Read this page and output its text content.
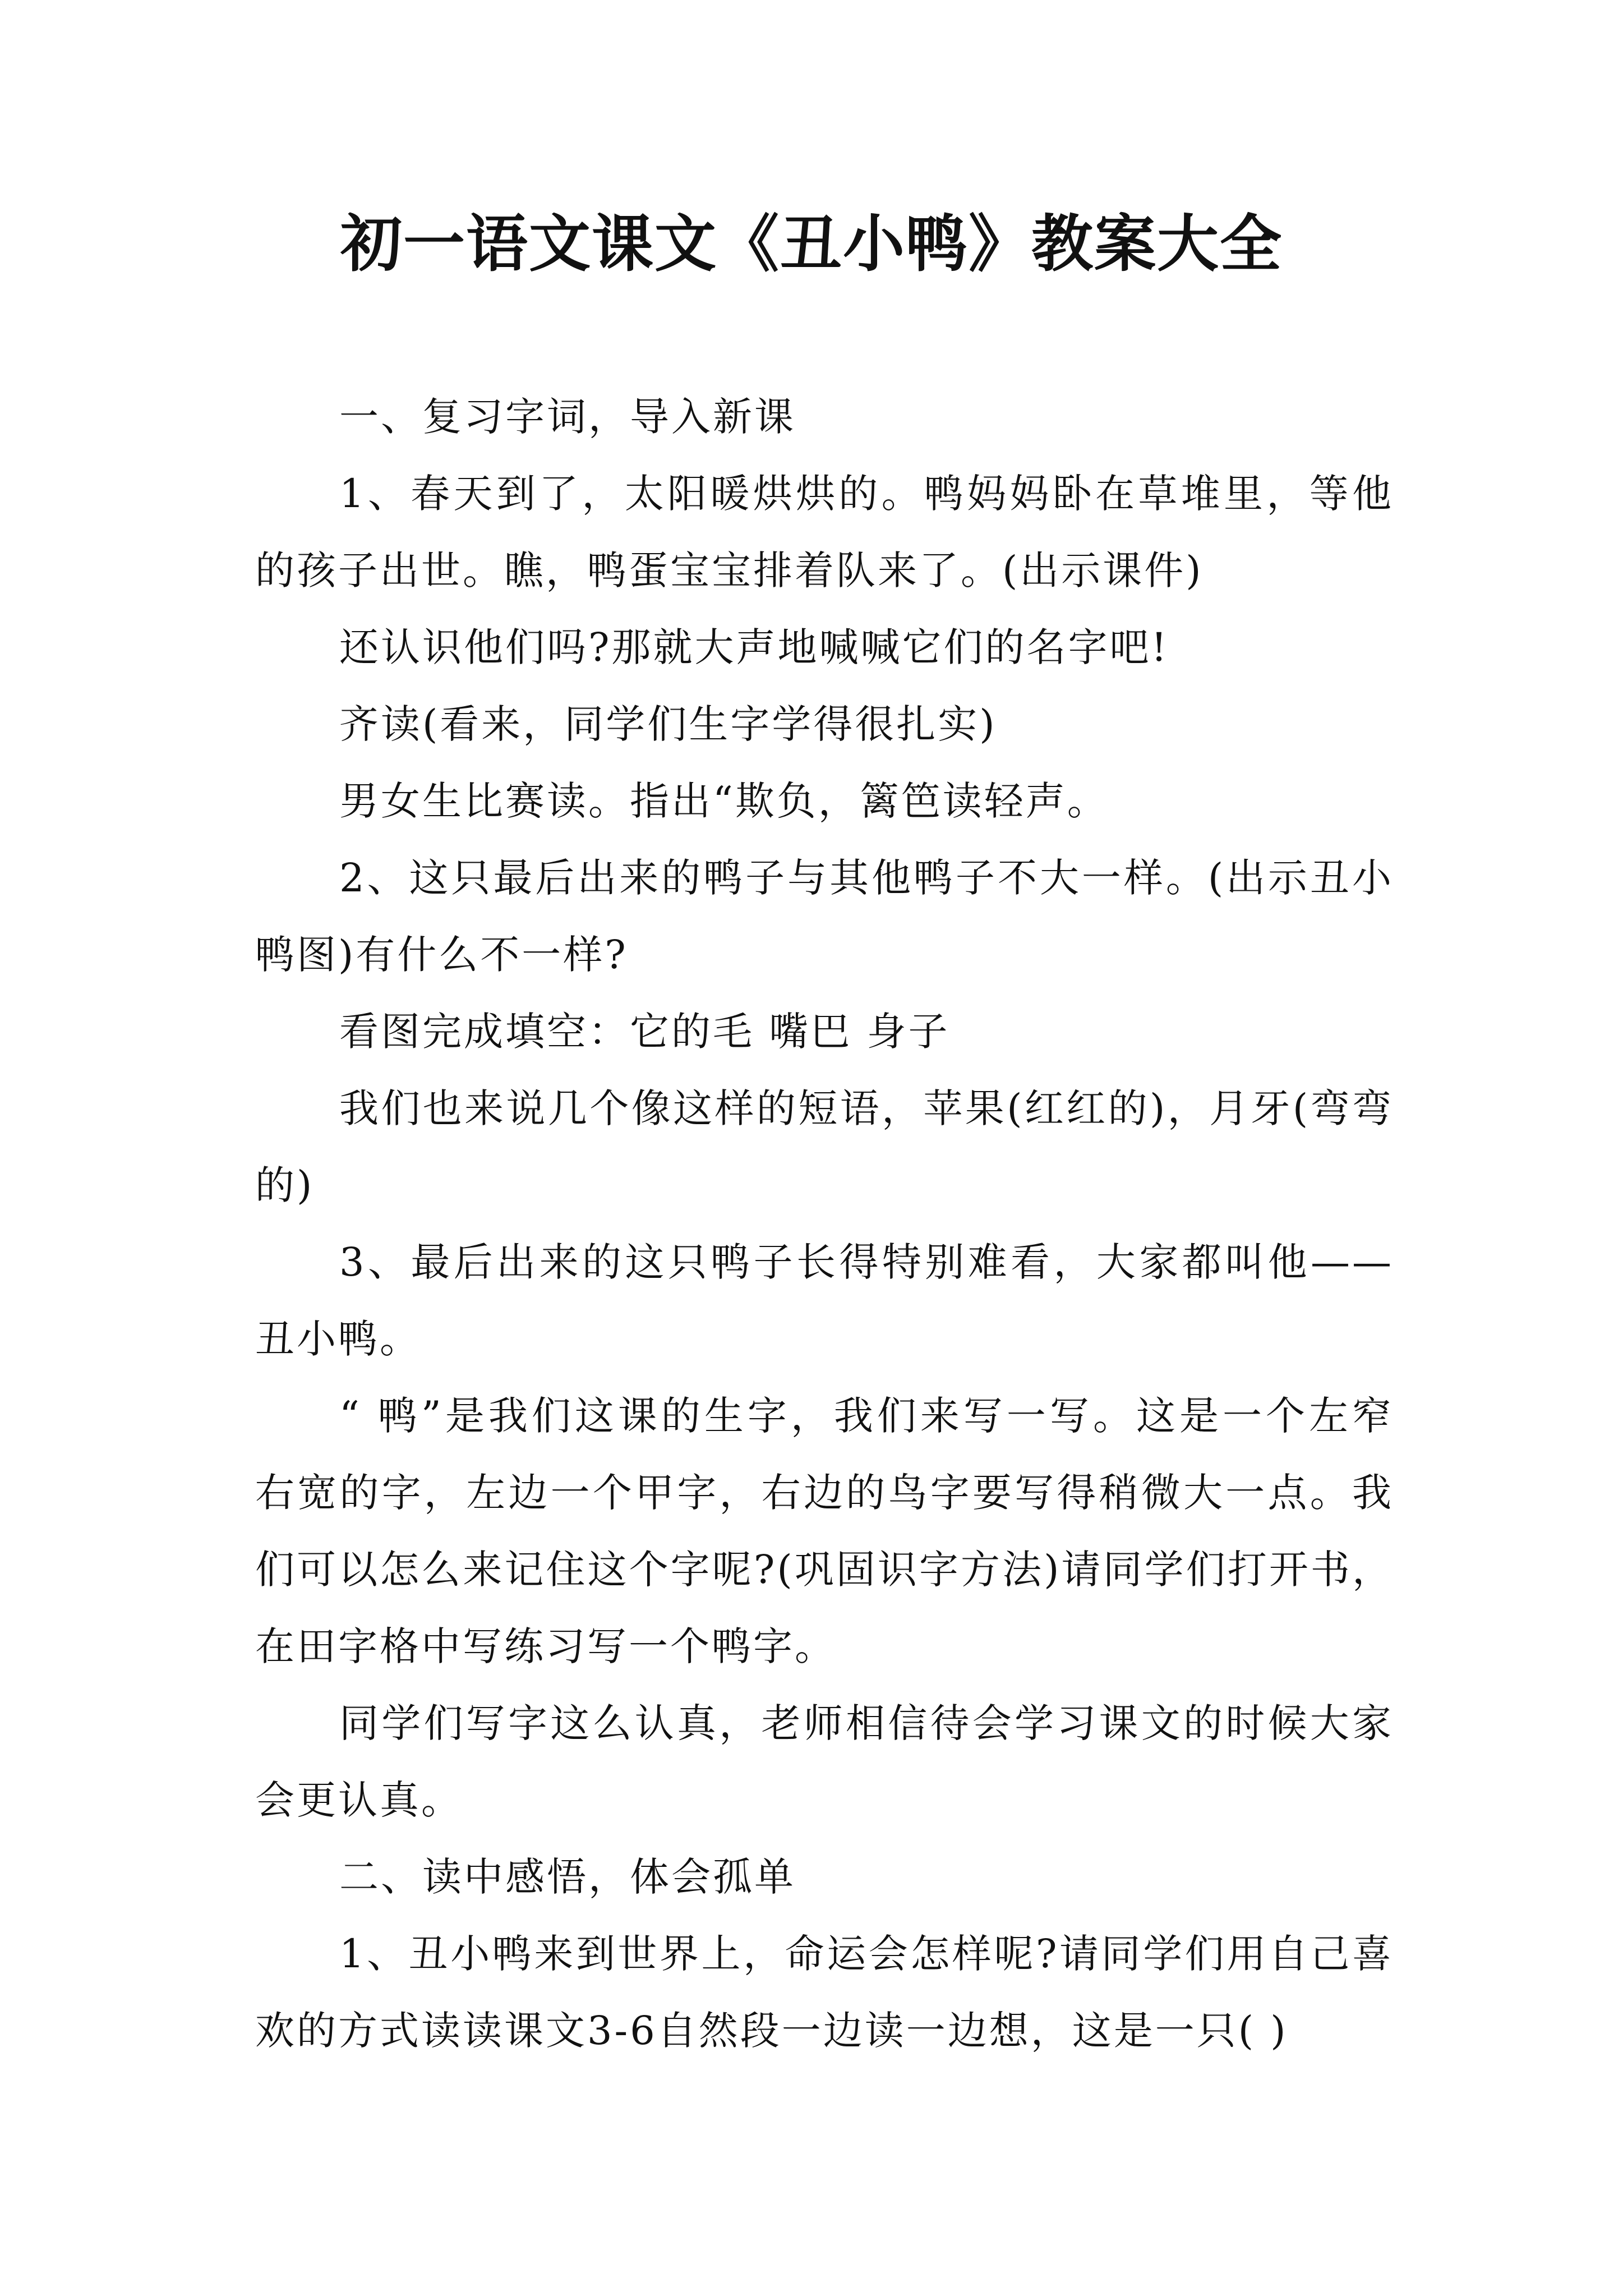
初一语文课文《丑小鸭》教案大全

一、复习字词，导入新课

1、春天到了，太阳暖烘烘的。鸭妈妈卧在草堆里，等他的孩子出世。瞧，鸭蛋宝宝排着队来了。(出示课件)

还认识他们吗?那就大声地喊喊它们的名字吧!

齐读(看来，同学们生字学得很扎实)

男女生比赛读。指出“欺负，篱笆读轻声。

2、这只最后出来的鸭子与其他鸭子不大一样。(出示丑小鸭图)有什么不一样?

看图完成填空：它的毛 嘴巴 身子

我们也来说几个像这样的短语，苹果(红红的)，月牙(弯弯的)

3、最后出来的这只鸭子长得特别难看，大家都叫他——丑小鸭。

“ 鸭”是我们这课的生字，我们来写一写。这是一个左窄右宽的字，左边一个甲字，右边的鸟字要写得稍微大一点。我们可以怎么来记住这个字呢?(巩固识字方法)请同学们打开书，在田字格中写练习写一个鸭字。

同学们写字这么认真，老师相信待会学习课文的时候大家会更认真。

二、读中感悟，体会孤单

1、丑小鸭来到世界上，命运会怎样呢?请同学们用自己喜欢的方式读读课文3-6自然段一边读一边想，这是一只( )
